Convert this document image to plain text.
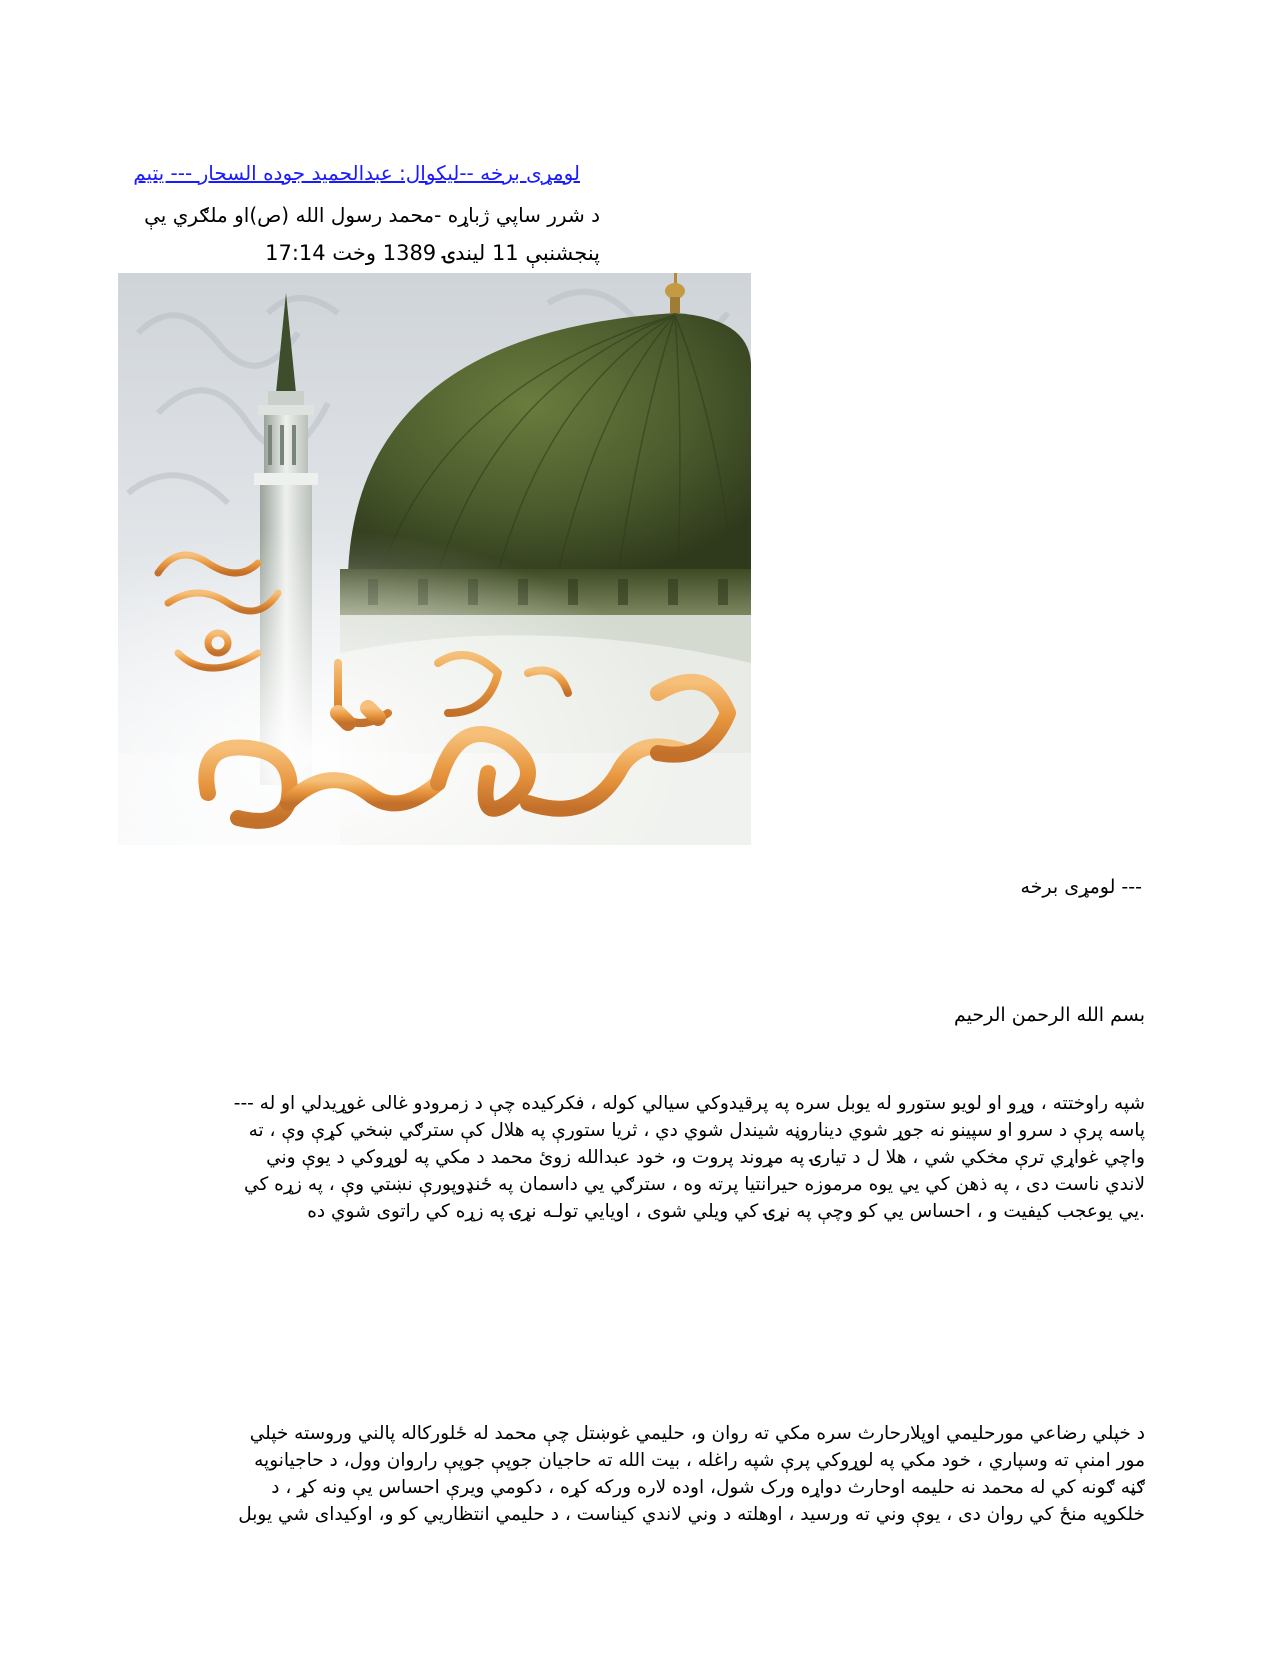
لومړی برخه --لیکوال: عبدالحمید جوده السحار --- یتیم
د شرر ساپي ژباړه -محمد رسول الله (ص)او ملګري يې
پنجشنبې 11 ليندۍ 1389 وخت 17:14
--- لومړی برخه
بسم الله الرحمن الرحيم
شپه راوختته ، وړو او لويو ستورو له يوبل سره په پرقيدوکي سيالي کوله ، فکرکيده چې د زمرودو غالی غوړيدلي او له ---
پاسه پرې د سرو او سپينو نه جوړ شوي ديناروڼه شيندل شوي دي ، ثريا ستورې په هلال کې سترګي ښخي کړې وې ، ته
واچي غواړي ترې مخکي شي ، هلا ل د تيارۍ په مړوند پروت و، خود عبدالله زوئ محمد د مکي په لوړوکي د يوې وني
لاندي ناست دی ، په ذهن کي يي يوه مرموزه حيرانتيا پرته وه ، سترګي يي داسمان په ځنډوپورې نښتي وې ، په زړه کي
.يي يوعجب کيفيت و ، احساس يي کو وچې په نړۍ کي ويلي شوی ، اويايي تولـه نړۍ په زړه کي راتوی شوي ده
د خپلي رضاعي مورحليمي اوپلارحارث سره مکي ته روان و، حليمي غوښتل چې محمد له ځلورکاله پالني وروسته خپلي
مور امنې ته وسپاري ، خود مکي په لوړوکي پرې شپه راغله ، بيت الله ته حاجيان جوپې جوپې راروان وول، د حاجيانوپه
ګڼه ګونه کي له محمد نه حليمه اوحارث دواړه ورک شول، اوده لاره ورکه کړه ، دکومي ويرې احساس يې ونه کړ ، د
خلکوپه منځ کي روان دی ، يوې وني ته ورسيد ، اوهلته د وني لاندي کيناست ، د حليمي انتظاريي کو و، اوکيدای شي يوبل
